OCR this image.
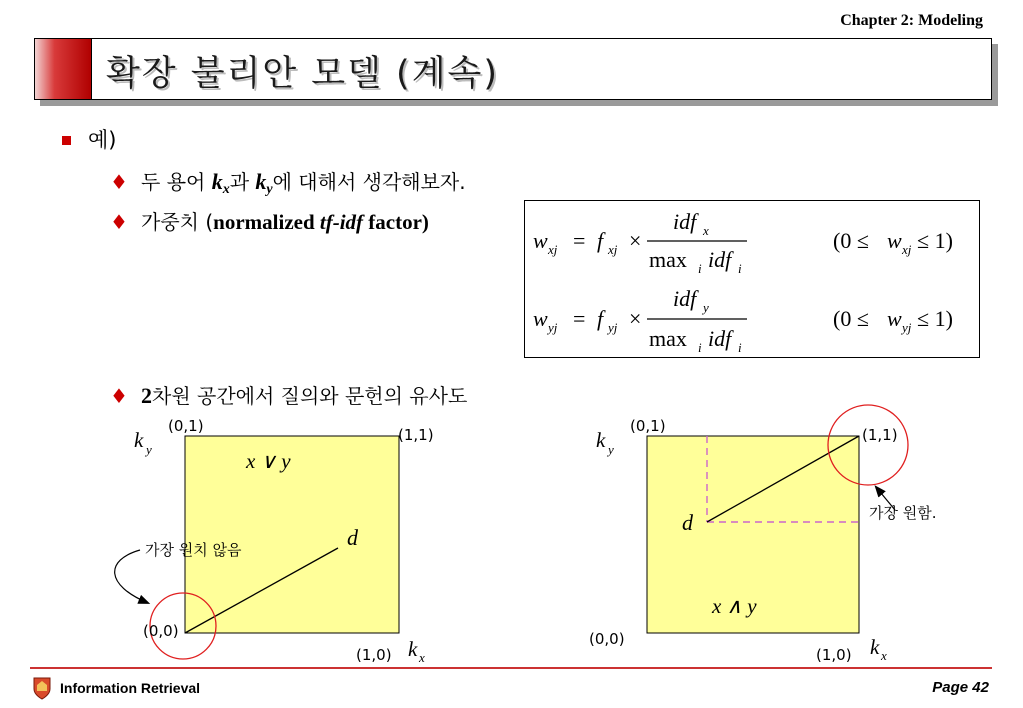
Chapter 2: Modeling
확장 불리안 모델 (계속)
예)
♦ 두 용어 $k_x$과 $k_y$에 대해서 생각해보자.
♦ 가중치 (normalized tf-idf factor)
♦ 2차원 공간에서 질의와 문헌의 유사도
w xj = f xj ×
idf x
max i idf i
(0 ≤ w xj ≤ 1)
w yj = f yj ×
idf y
max i idf i
(0 ≤ w yj ≤ 1)
k y
k x
(0,1)	(1,1)
(0,0)
(1,0)
x ∨ y
d
가장 원치 않음
k y
k x
(0,1)	(1,1)
(0,0)
(1,0)
x ∧ y
d	가장 원함.
Information Retrieval	Page 42
